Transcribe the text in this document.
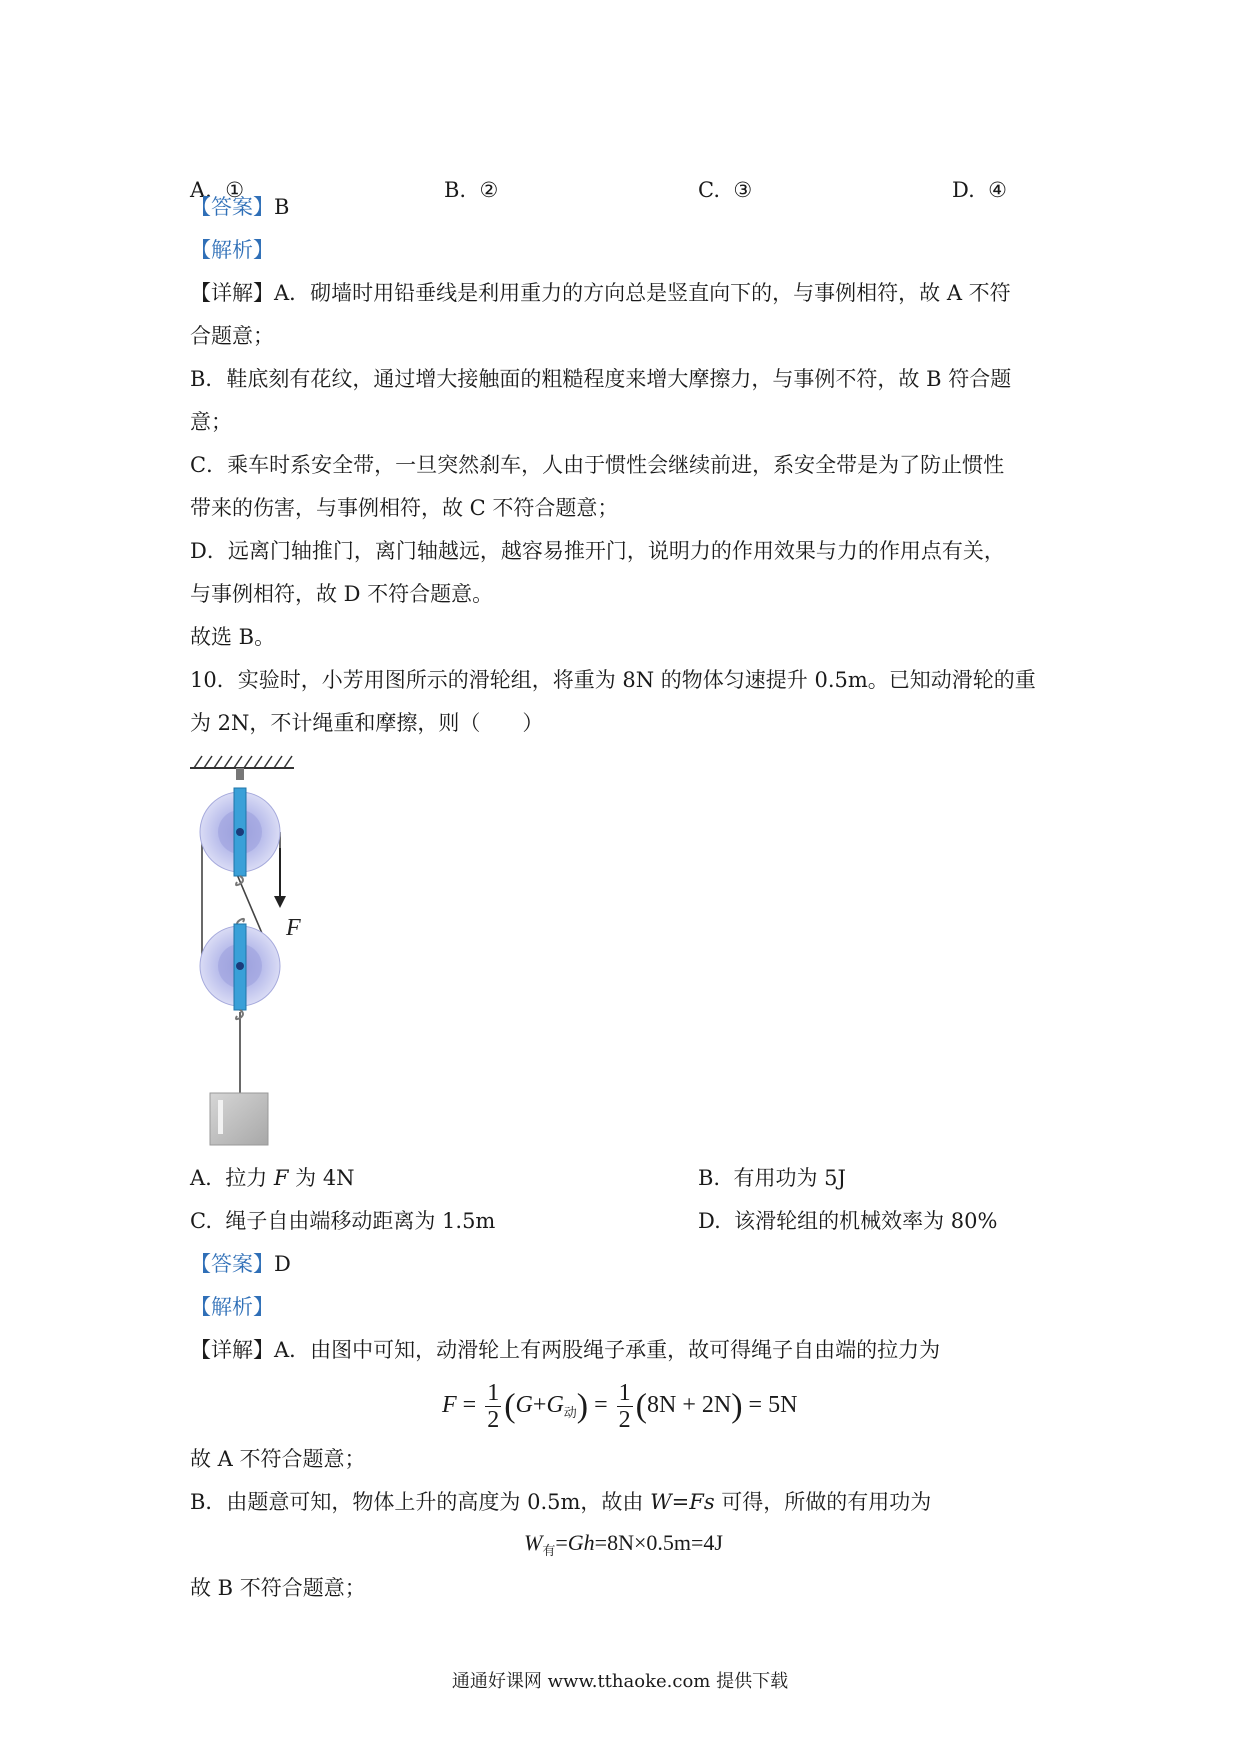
A. ①	B. ②	C. ③	D. ④
【答案】B
【解析】
【详解】A．砌墙时用铅垂线是利用重力的方向总是竖直向下的，与事例相符，故 A 不符
合题意；
B．鞋底刻有花纹，通过增大接触面的粗糙程度来增大摩擦力，与事例不符，故 B 符合题
意；
C．乘车时系安全带，一旦突然刹车，人由于惯性会继续前进，系安全带是为了防止惯性
带来的伤害，与事例相符，故 C 不符合题意；
D．远离门轴推门，离门轴越远，越容易推开门，说明力的作用效果与力的作用点有关，
与事例相符，故 D 不符合题意。
故选 B。
10．实验时，小芳用图所示的滑轮组，将重为 8N 的物体匀速提升 0.5m。已知动滑轮的重
为 2N，不计绳重和摩擦，则（　　）
F
A. 拉力 F 为 4N	B. 有用功为 5J
C. 绳子自由端移动距离为 1.5m	D. 该滑轮组的机械效率为 80%
【答案】D
【解析】
【详解】A．由图中可知，动滑轮上有两股绳子承重，故可得绳子自由端的拉力为
$F = \frac{1}{2} (G+G_动) = \frac{1}{2} (8N + 2N) = 5N$
故 A 不符合题意；
B．由题意可知，物体上升的高度为 0.5m，故由 W=Fs 可得，所做的有用功为
$W_有=Gh=8N\times 0.5m=4J$
故 B 不符合题意；
通通好课网 www.tthaoke.com 提供下载
